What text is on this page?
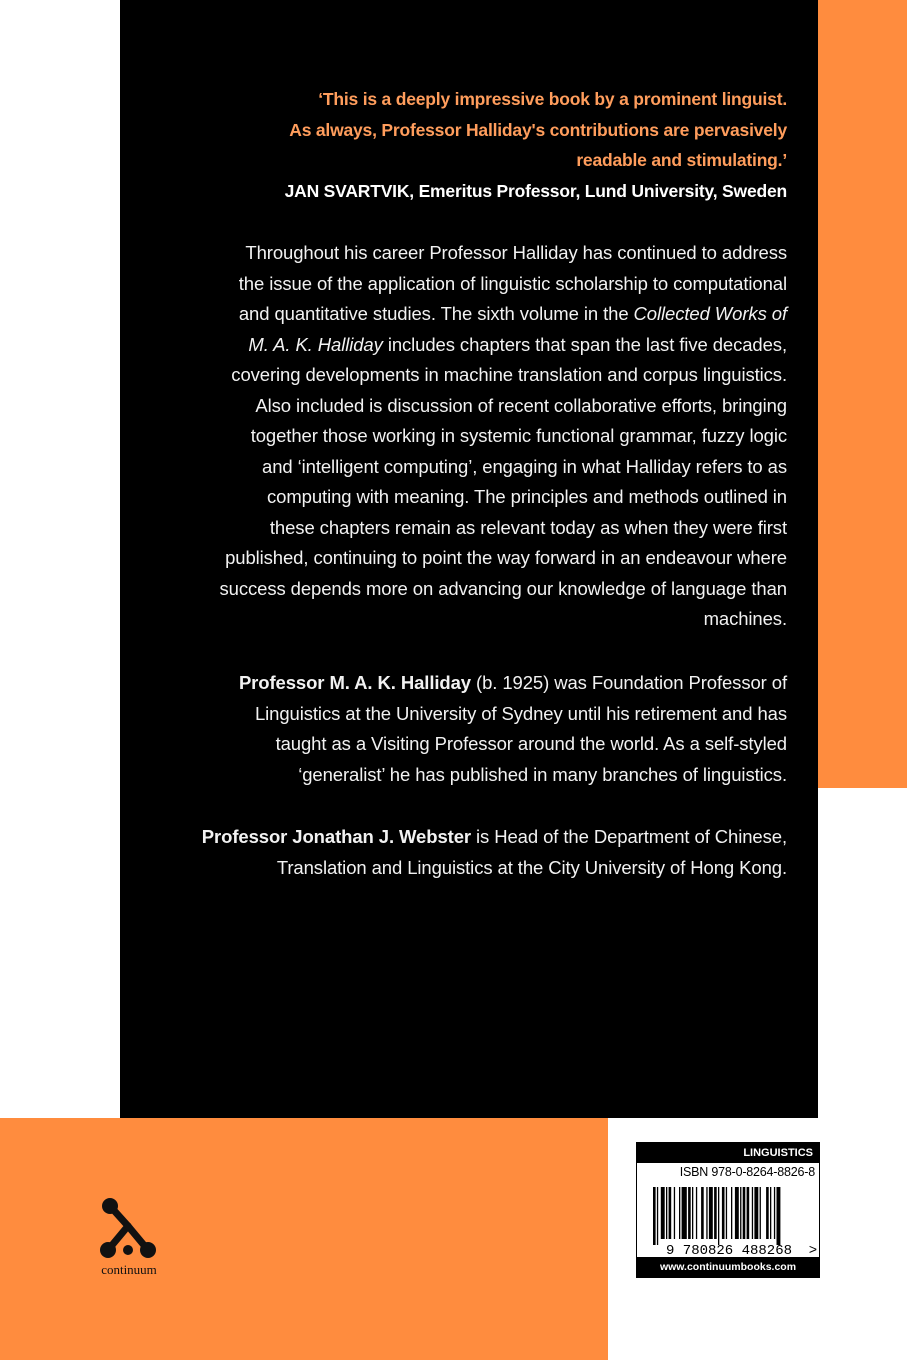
‘This is a deeply impressive book by a prominent linguist.
As always, Professor Halliday's contributions are pervasively
readable and stimulating.’
JAN SVARTVIK, Emeritus Professor, Lund University, Sweden
Throughout his career Professor Halliday has continued to address
the issue of the application of linguistic scholarship to computational
and quantitative studies. The sixth volume in the Collected Works of
M. A. K. Halliday includes chapters that span the last five decades,
covering developments in machine translation and corpus linguistics.
Also included is discussion of recent collaborative efforts, bringing
together those working in systemic functional grammar, fuzzy logic
and ‘intelligent computing’, engaging in what Halliday refers to as
computing with meaning. The principles and methods outlined in
these chapters remain as relevant today as when they were first
published, continuing to point the way forward in an endeavour where
success depends more on advancing our knowledge of language than
machines.
Professor M. A. K. Halliday (b. 1925) was Foundation Professor of
Linguistics at the University of Sydney until his retirement and has
taught as a Visiting Professor around the world. As a self-styled
‘generalist’ he has published in many branches of linguistics.
Professor Jonathan J. Webster is Head of the Department of Chinese,
Translation and Linguistics at the City University of Hong Kong.
continuum
LINGUISTICS
ISBN 978-0-8264-8826-8
9 780826 488268 >
www.continuumbooks.com
